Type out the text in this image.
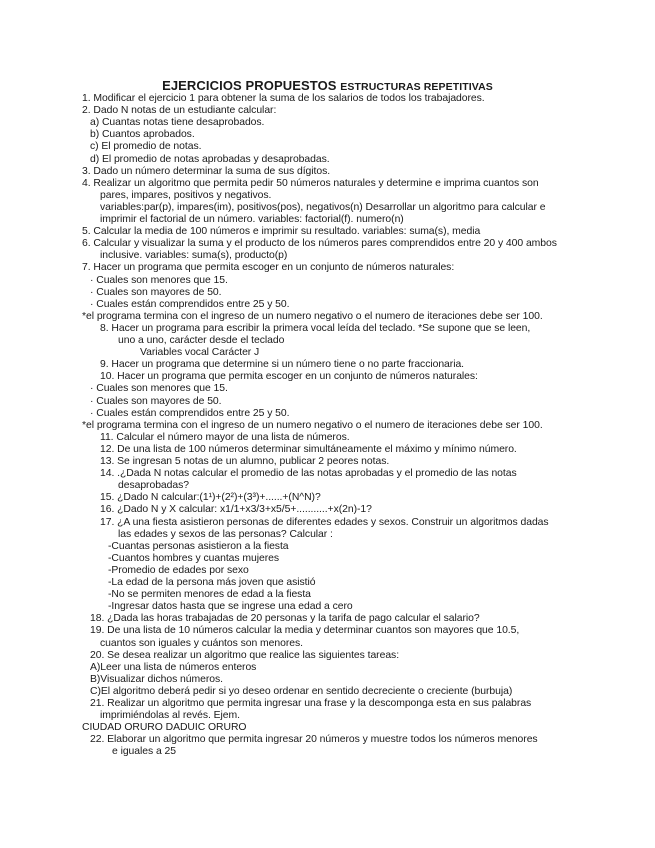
EJERCICIOS PROPUESTOS ESTRUCTURAS REPETITIVAS
1. Modificar el ejercicio 1 para obtener la suma de los salarios de todos los trabajadores.
2. Dado N notas de un estudiante calcular:
a) Cuantas notas tiene desaprobados.
b) Cuantos aprobados.
c) El promedio de notas.
d) El promedio de notas aprobadas y desaprobadas.
3. Dado un número determinar la suma de sus dígitos.
4. Realizar un algoritmo que permita pedir 50 números naturales y determine e imprima cuantos son
pares, impares, positivos y negativos.
variables:par(p), impares(im), positivos(pos), negativos(n) Desarrollar un algoritmo para calcular e
imprimir el factorial de un número. variables: factorial(f). numero(n)
5. Calcular la media de 100 números e imprimir su resultado. variables: suma(s), media
6. Calcular y visualizar la suma y el producto de los números pares comprendidos entre 20 y 400 ambos
inclusive. variables: suma(s), producto(p)
7. Hacer un programa que permita escoger en un conjunto de números naturales:
· Cuales son menores que 15.
· Cuales son mayores de 50.
· Cuales están comprendidos entre 25 y 50.
*el programa termina con el ingreso de un numero negativo o el numero de iteraciones debe ser 100.
8. Hacer un programa para escribir la primera vocal leída del teclado. *Se supone que se leen,
uno a uno, carácter desde el teclado
Variables vocal Carácter J
9. Hacer un programa que determine si un número tiene o no parte fraccionaria.
10. Hacer un programa que permita escoger en un conjunto de números naturales:
· Cuales son menores que 15.
· Cuales son mayores de 50.
· Cuales están comprendidos entre 25 y 50.
*el programa termina con el ingreso de un numero negativo o el numero de iteraciones debe ser 100.
11. Calcular el número mayor de una lista de números.
12. De una lista de 100 números determinar simultáneamente el máximo y mínimo número.
13. Se ingresan 5 notas de un alumno, publicar 2 peores notas.
14. .¿Dada N notas calcular el promedio de las notas aprobadas y el promedio de las notas
desaprobadas?
15. ¿Dado N calcular:(1¹)+(2²)+(3³)+......+(N^N)?
16. ¿Dado N y X calcular: x1/1+x3/3+x5/5+...........+x(2n)-1?
17. ¿A una fiesta asistieron personas de diferentes edades y sexos. Construir un algoritmos dadas
las edades y sexos de las personas? Calcular :
-Cuantas personas asistieron a la fiesta
-Cuantos hombres y cuantas mujeres
-Promedio de edades por sexo
-La edad de la persona más joven que asistió
-No se permiten menores de edad a la fiesta
-Ingresar datos hasta que se ingrese una edad a cero
18. ¿Dada las horas trabajadas de 20 personas y la tarifa de pago calcular el salario?
19. De una lista de 10 números calcular la media y determinar cuantos son mayores que 10.5,
cuantos son iguales y cuántos son menores.
20. Se desea realizar un algoritmo que realice las siguientes tareas:
A)Leer una lista de números enteros
B)Visualizar dichos números.
C)El algoritmo deberá pedir si yo deseo ordenar en sentido decreciente o creciente (burbuja)
21. Realizar un algoritmo que permita ingresar una frase y la descomponga esta en sus palabras
imprimiéndolas al revés. Ejem.
CIUDAD ORURO DADUIC ORURO
22. Elaborar un algoritmo que permita ingresar 20 números y muestre todos los números menores
e iguales a 25
